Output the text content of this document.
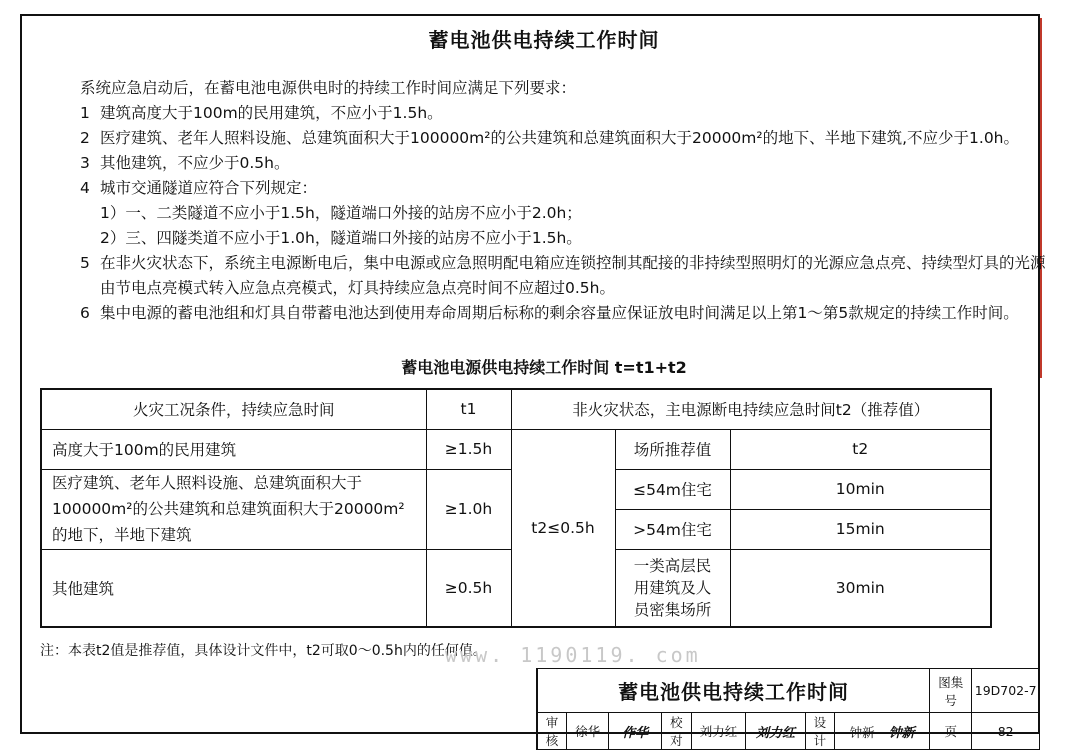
蓄电池供电持续工作时间
系统应急启动后，在蓄电池电源供电时的持续工作时间应满足下列要求：
1 建筑高度大于100m的民用建筑，不应小于1.5h。
2 医疗建筑、老年人照料设施、总建筑面积大于100000m²的公共建筑和总建筑面积大于20000m²的地下、半地下建筑,不应少于1.0h。
3 其他建筑，不应少于0.5h。
4 城市交通隧道应符合下列规定：
1）一、二类隧道不应小于1.5h，隧道端口外接的站房不应小于2.0h；
2）三、四隧类道不应小于1.0h，隧道端口外接的站房不应小于1.5h。
5 在非火灾状态下，系统主电源断电后，集中电源或应急照明配电箱应连锁控制其配接的非持续型照明灯的光源应急点亮、持续型灯具的光源
由节电点亮模式转入应急点亮模式，灯具持续应急点亮时间不应超过0.5h。
6 集中电源的蓄电池组和灯具自带蓄电池达到使用寿命周期后标称的剩余容量应保证放电时间满足以上第1～第5款规定的持续工作时间。
蓄电池电源供电持续工作时间 t=t1+t2
火灾工况条件，持续应急时间	t1	非火灾状态，主电源断电持续应急时间t2（推荐值）		
高度大于100m的民用建筑	≥1.5h	t2≤0.5h	场所推荐值	t2

医疗建筑、老年人照料设施、总建筑面积大于
100000m²的公共建筑和总建筑面积大于20000m²
的地下，半地下建筑	≥1.0h		≤54m住宅	10min
			>54m住宅	15min
其他建筑	≥0.5h		一类高层民
用建筑及人
员密集场所	30min
注：本表t2值是推荐值，具体设计文件中，t2可取0～0.5h内的任何值。
www. 1190119. com
蓄电池供电持续工作时间								图集号	19D702-7
审核	徐华	作华	校对	刘力红	刘力红	设计	钟新 钟新	页	82
